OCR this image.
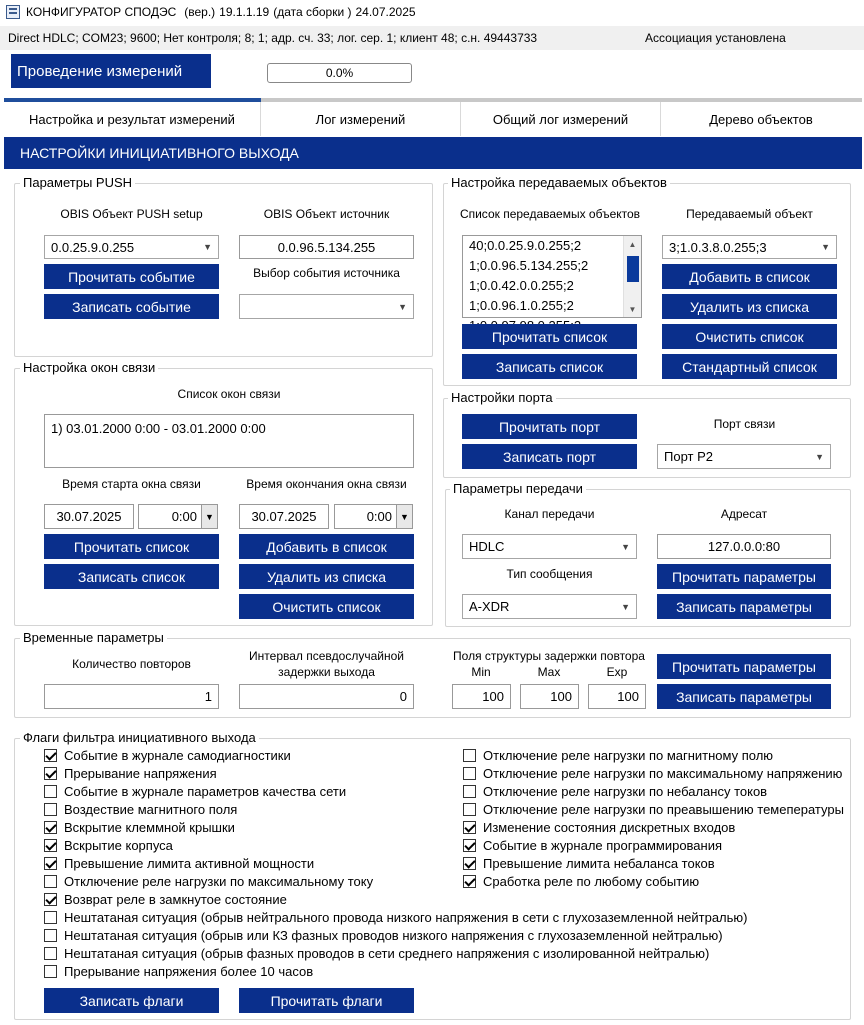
КОНФИГУРАТОР СПОДЭС (вер.) 19.1.1.19 (дата сборки ) 24.07.2025
Direct HDLC; COM23; 9600; Нет контроля; 8; 1; адр. сч. 33; лог. сер. 1; клиент 48; с.н. 49443733	Ассоциация установлена
Проведение измерений	0.0%
Настройка и результат измерений	Лог измерений	Общий лог измерений	Дерево объектов
НАСТРОЙКИ ИНИЦИАТИВНОГО ВЫХОДА
Параметры PUSH
OBIS Объект PUSH setup
0.0.25.9.0.255	▼
OBIS Объект источник
0.0.96.5.134.255
Прочитать событие	Выбор события источника
Записать событие	▼
Настройка передаваемых объектов
Список передаваемых объектов
40;0.0.25.9.0.255;2
1;0.0.96.5.134.255;2
1;0.0.42.0.0.255;2
1;0.0.96.1.0.255;2
▲
▼
Передаваемый объект
3;1.0.3.8.0.255;3	▼
Добавить в список
Удалить из списка
Прочитать список	Очистить список
Записать список	Стандартный список
Настройка окон связи
Список окон связи
1) 03.01.2000 0:00 - 03.01.2000 0:00
Время старта окна связи	Время окончания окна связи
30.07.2025	0:00 ▼	30.07.2025	0:00 ▼
Прочитать список	Добавить в список
Записать список	Удалить из списка
Очистить список
Настройки порта
Прочитать порт	Порт связи
Записать порт	Порт P2	▼
Параметры передачи
Канал передачи	Адресат
HDLC	▼	127.0.0.0:80
Тип сообщения	Прочитать параметры
A-XDR	▼	Записать параметры
Временные параметры
Количество повторов
Интервал псевдослучайной
задержки выхода
Поля структуры задержки повтора
Min	Max	Exp	Прочитать параметры
1	0	100	100	100	Записать параметры
Флаги фильтра инициативного выхода
Событие в журнале самодиагностики
Прерывание напряжения
Событие в журнале параметров качества сети
Воздествие магнитного поля
Вскрытие клеммной крышки
Вскрытие корпуса
Превышение лимита активной мощности
Отключение реле нагрузки по максимальному току
Возврат реле в замкнутое состояние
Нештатаная ситуация (обрыв нейтрального провода низкого напряжения в сети с глухозаземленной нейтралью)
Нештатаная ситуация (обрыв или КЗ фазных проводов низкого напряжения с глухозаземленной нейтралью)
Нештатаная ситуация (обрыв фазных проводов в сети среднего напряжения с изолированной нейтралью)
Прерывание напряжения более 10 часов
Отключение реле нагрузки по магнитному полю
Отключение реле нагрузки по максимальному напряжению
Отключение реле нагрузки по небалансу токов
Отключение реле нагрузки по преавышению темепературы
Изменение состояния дискретных входов
Событие в журнале программирования
Превышение лимита небаланса токов
Сработка реле по любому событию
Записать флаги	Прочитать флаги
